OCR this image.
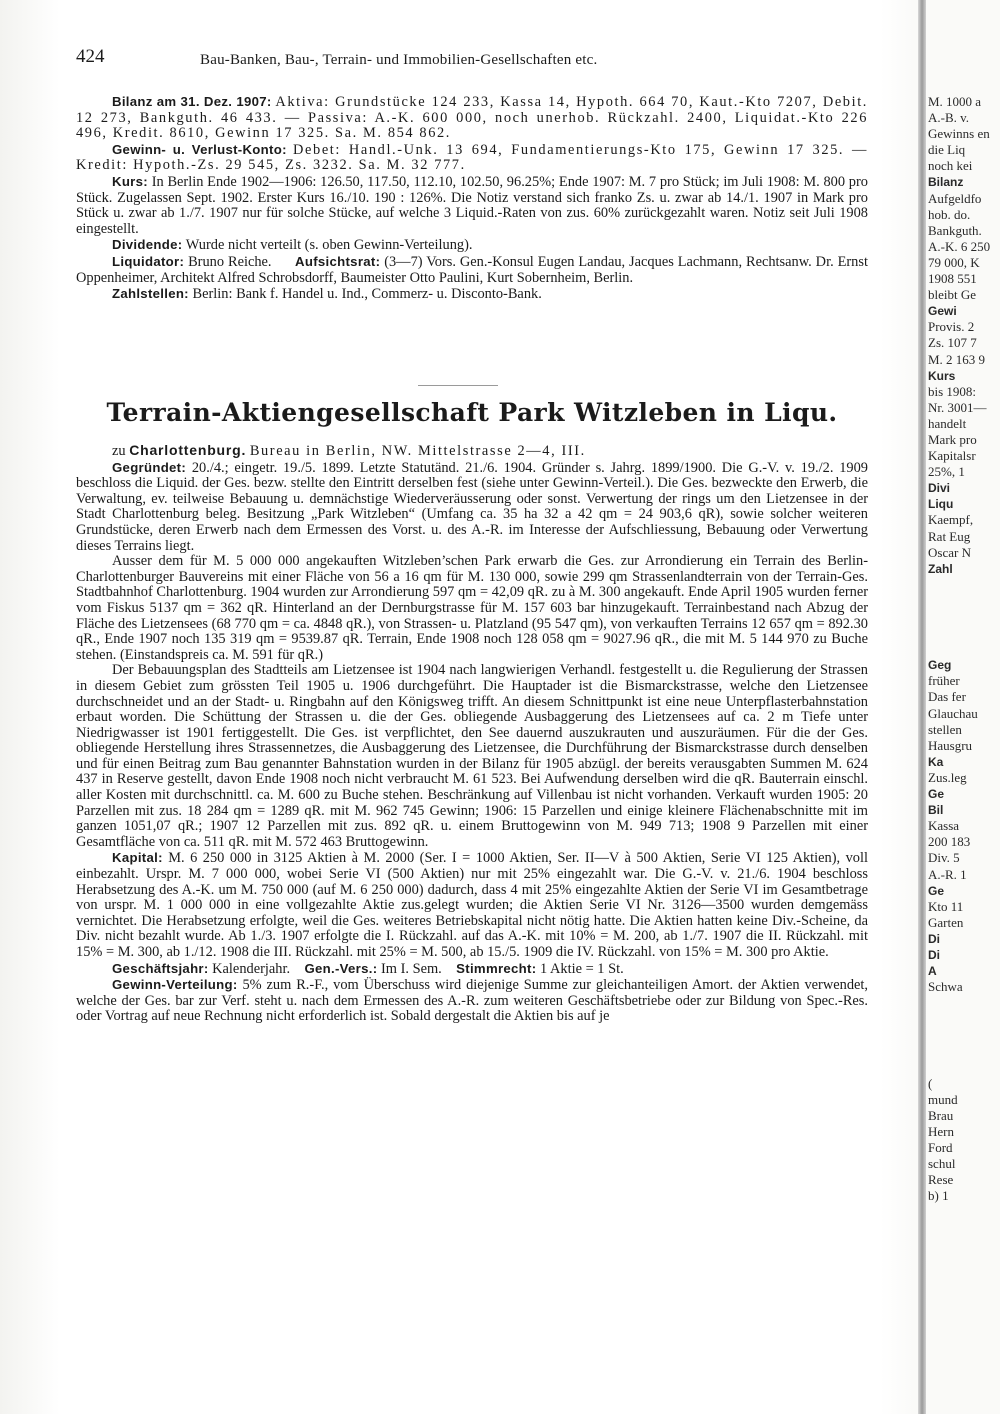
424	Bau-Banken, Bau-, Terrain- und Immobilien-Gesellschaften etc.

Bilanz am 31. Dez. 1907: Aktiva: Grundstücke 124 233, Kassa 14, Hypoth. 664 70, Kaut.-Kto 7207, Debit. 12 273, Bankguth. 46 433. — Passiva: A.-K. 600 000, noch unerhob. Rückzahl. 2400, Liquidat.-Kto 226 496, Kredit. 8610, Gewinn 17 325. Sa. M. 854 862.

Gewinn- u. Verlust-Konto: Debet: Handl.-Unk. 13 694, Fundamentierungs-Kto 175, Gewinn 17 325. — Kredit: Hypoth.-Zs. 29 545, Zs. 3232. Sa. M. 32 777.

Kurs: In Berlin Ende 1902—1906: 126.50, 117.50, 112.10, 102.50, 96.25%; Ende 1907: M. 7 pro Stück; im Juli 1908: M. 800 pro Stück. Zugelassen Sept. 1902. Erster Kurs 16./10. 190 : 126%. Die Notiz verstand sich franko Zs. u. zwar ab 14./1. 1907 in Mark pro Stück u. zwar ab 1./7. 1907 nur für solche Stücke, auf welche 3 Liquid.-Raten von zus. 60% zurückgezahlt waren. Notiz seit Juli 1908 eingestellt.

Dividende: Wurde nicht verteilt (s. oben Gewinn-Verteilung).

Liquidator: Bruno Reiche. Aufsichtsrat: (3—7) Vors. Gen.-Konsul Eugen Landau, Jacques Lachmann, Rechtsanw. Dr. Ernst Oppenheimer, Architekt Alfred Schrobsdorff, Baumeister Otto Paulini, Kurt Sobernheim, Berlin.

Zahlstellen: Berlin: Bank f. Handel u. Ind., Commerz- u. Disconto-Bank.

Terrain-Aktiengesellschaft Park Witzleben in Liqu.

zu Charlottenburg. Bureau in Berlin, NW. Mittelstrasse 2—4, III.

Gegründet: 20./4.; eingetr. 19./5. 1899. Letzte Statutänd. 21./6. 1904. Gründer s. Jahrg. 1899/1900. Die G.-V. v. 19./2. 1909 beschloss die Liquid. der Ges. bezw. stellte den Eintritt derselben fest (siehe unter Gewinn-Verteil.). Die Ges. bezweckte den Erwerb, die Verwaltung, ev. teilweise Bebauung u. demnächstige Wiederveräusserung oder sonst. Verwertung der rings um den Lietzensee in der Stadt Charlottenburg beleg. Besitzung „Park Witzleben“ (Umfang ca. 35 ha 32 a 42 qm = 24 903,6 qR), sowie solcher weiteren Grundstücke, deren Erwerb nach dem Ermessen des Vorst. u. des A.-R. im Interesse der Aufschliessung, Bebauung oder Verwertung dieses Terrains liegt.

Ausser dem für M. 5 000 000 angekauften Witzleben’schen Park erwarb die Ges. zur Arrondierung ein Terrain des Berlin-Charlottenburger Bauvereins mit einer Fläche von 56 a 16 qm für M. 130 000, sowie 299 qm Strassenlandterrain von der Terrain-Ges. Stadtbahnhof Charlottenburg. 1904 wurden zur Arrondierung 597 qm = 42,09 qR. zu à M. 300 angekauft. Ende April 1905 wurden ferner vom Fiskus 5137 qm = 362 qR. Hinterland an der Dernburgstrasse für M. 157 603 bar hinzugekauft. Terrainbestand nach Abzug der Fläche des Lietzensees (68 770 qm = ca. 4848 qR.), von Strassen- u. Platzland (95 547 qm), von verkauften Terrains 12 657 qm = 892.30 qR., Ende 1907 noch 135 319 qm = 9539.87 qR. Terrain, Ende 1908 noch 128 058 qm = 9027.96 qR., die mit M. 5 144 970 zu Buche stehen. (Einstandspreis ca. M. 591 für qR.)

Der Bebauungsplan des Stadtteils am Lietzensee ist 1904 nach langwierigen Verhandl. festgestellt u. die Regulierung der Strassen in diesem Gebiet zum grössten Teil 1905 u. 1906 durchgeführt. Die Hauptader ist die Bismarckstrasse, welche den Lietzensee durchschneidet und an der Stadt- u. Ringbahn auf den Königsweg trifft. An diesem Schnittpunkt ist eine neue Unterpflasterbahnstation erbaut worden. Die Schüttung der Strassen u. die der Ges. obliegende Ausbaggerung des Lietzensees auf ca. 2 m Tiefe unter Niedrigwasser ist 1901 fertiggestellt. Die Ges. ist verpflichtet, den See dauernd auszukrauten und auszuräumen. Für die der Ges. obliegende Herstellung ihres Strassennetzes, die Ausbaggerung des Lietzensee, die Durchführung der Bismarckstrasse durch denselben und für einen Beitrag zum Bau genannter Bahnstation wurden in der Bilanz für 1905 abzügl. der bereits verausgabten Summen M. 624 437 in Reserve gestellt, davon Ende 1908 noch nicht verbraucht M. 61 523. Bei Aufwendung derselben wird die qR. Bauterrain einschl. aller Kosten mit durchschnittl. ca. M. 600 zu Buche stehen. Beschränkung auf Villenbau ist nicht vorhanden. Verkauft wurden 1905: 20 Parzellen mit zus. 18 284 qm = 1289 qR. mit M. 962 745 Gewinn; 1906: 15 Parzellen und einige kleinere Flächenabschnitte mit im ganzen 1051,07 qR.; 1907 12 Parzellen mit zus. 892 qR. u. einem Bruttogewinn von M. 949 713; 1908 9 Parzellen mit einer Gesamtfläche von ca. 511 qR. mit M. 572 463 Bruttogewinn.

Kapital: M. 6 250 000 in 3125 Aktien à M. 2000 (Ser. I = 1000 Aktien, Ser. II—V à 500 Aktien, Serie VI 125 Aktien), voll einbezahlt. Urspr. M. 7 000 000, wobei Serie VI (500 Aktien) nur mit 25% eingezahlt war. Die G.-V. v. 21./6. 1904 beschloss Herabsetzung des A.-K. um M. 750 000 (auf M. 6 250 000) dadurch, dass 4 mit 25% eingezahlte Aktien der Serie VI im Gesamtbetrage von urspr. M. 1 000 000 in eine vollgezahlte Aktie zus.gelegt wurden; die Aktien Serie VI Nr. 3126—3500 wurden demgemäss vernichtet. Die Herabsetzung erfolgte, weil die Ges. weiteres Betriebskapital nicht nötig hatte. Die Aktien hatten keine Div.-Scheine, da Div. nicht bezahlt wurde. Ab 1./3. 1907 erfolgte die I. Rückzahl. auf das A.-K. mit 10% = M. 200, ab 1./7. 1907 die II. Rückzahl. mit 15% = M. 300, ab 1./12. 1908 die III. Rückzahl. mit 25% = M. 500, ab 15./5. 1909 die IV. Rückzahl. von 15% = M. 300 pro Aktie.

Geschäftsjahr: Kalenderjahr. Gen.-Vers.: Im I. Sem. Stimmrecht: 1 Aktie = 1 St.

Gewinn-Verteilung: 5% zum R.-F., vom Überschuss wird diejenige Summe zur gleichanteiligen Amort. der Aktien verwendet, welche der Ges. bar zur Verf. steht u. nach dem Ermessen des A.-R. zum weiteren Geschäftsbetriebe oder zur Bildung von Spec.-Res. oder Vortrag auf neue Rechnung nicht erforderlich ist. Sobald dergestalt die Aktien bis auf je

M. 1000 a
A.-B. v.
Gewinns en
die Liq
noch kei
Bilanz
Aufgeldfo
hob. do.
Bankguth.
A.-K. 6 250
79 000, K
1908 551
bleibt Ge
Gewi
Provis. 2
Zs. 107 7
M. 2 163 9
Kurs
bis 1908:
Nr. 3001—
handelt
Mark pro
Kapitalsr
25%, 1
Divi
Liqu
Kaempf,
Rat Eug
Oscar N
Zahl
Geg
früher
Das fer
Glauchau
stellen
Hausgru
Ka
Zus.leg
Ge
Bil
Kassa
200 183
Div. 5
A.-R. 1
Ge
Kto 11
Garten
Di
Di
A
Schwa
(
mund
Brau
Hern
Ford
schul
Rese
b) 1
